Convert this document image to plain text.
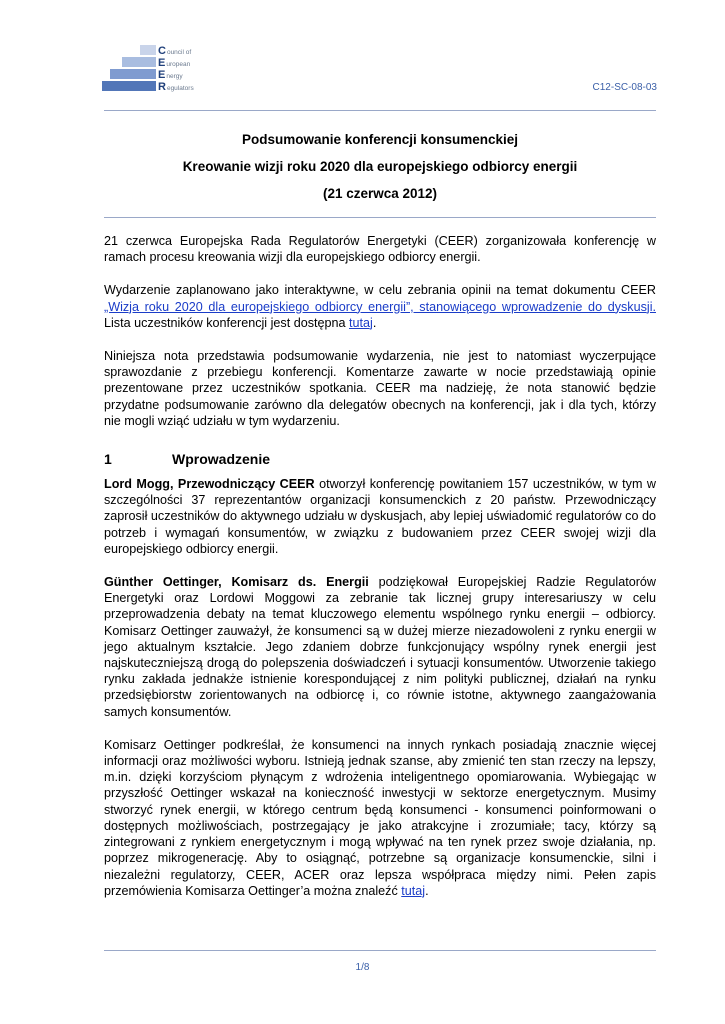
Council of
European
Energy
Regulators	C12-SC-08-03
Podsumowanie konferencji konsumenckiej
Kreowanie wizji roku 2020 dla europejskiego odbiorcy energii
(21 czerwca 2012)

21 czerwca Europejska Rada Regulatorów Energetyki (CEER) zorganizowała konferencję w ramach procesu kreowania wizji dla europejskiego odbiorcy energii.

Wydarzenie zaplanowano jako interaktywne, w celu zebrania opinii na temat dokumentu CEER „Wizja roku 2020 dla europejskiego odbiorcy energii”, stanowiącego wprowadzenie do dyskusji. Lista uczestników konferencji jest dostępna tutaj.

Niniejsza nota przedstawia podsumowanie wydarzenia, nie jest to natomiast wyczerpujące sprawozdanie z przebiegu konferencji. Komentarze zawarte w nocie przedstawiają opinie prezentowane przez uczestników spotkania. CEER ma nadzieję, że nota stanowić będzie przydatne podsumowanie zarówno dla delegatów obecnych na konferencji, jak i dla tych, którzy nie mogli wziąć udziału w tym wydarzeniu.

1	Wprowadzenie

Lord Mogg, Przewodniczący CEER otworzył konferencję powitaniem 157 uczestników, w tym w szczególności 37 reprezentantów organizacji konsumenckich z 20 państw. Przewodniczący zaprosił uczestników do aktywnego udziału w dyskusjach, aby lepiej uświadomić regulatorów co do potrzeb i wymagań konsumentów, w związku z budowaniem przez CEER swojej wizji dla europejskiego odbiorcy energii.

Günther Oettinger, Komisarz ds. Energii podziękował Europejskiej Radzie Regulatorów Energetyki oraz Lordowi Moggowi za zebranie tak licznej grupy interesariuszy w celu przeprowadzenia debaty na temat kluczowego elementu wspólnego rynku energii – odbiorcy. Komisarz Oettinger zauważył, że konsumenci są w dużej mierze niezadowoleni z rynku energii w jego aktualnym kształcie. Jego zdaniem dobrze funkcjonujący wspólny rynek energii jest najskuteczniejszą drogą do polepszenia doświadczeń i sytuacji konsumentów. Utworzenie takiego rynku zakłada jednakże istnienie korespondującej z nim polityki publicznej, działań na rynku przedsiębiorstw zorientowanych na odbiorcę i, co równie istotne, aktywnego zaangażowania samych konsumentów.

Komisarz Oettinger podkreślał, że konsumenci na innych rynkach posiadają znacznie więcej informacji oraz możliwości wyboru. Istnieją jednak szanse, aby zmienić ten stan rzeczy na lepszy, m.in. dzięki korzyściom płynącym z wdrożenia inteligentnego opomiarowania. Wybiegając w przyszłość Oettinger wskazał na konieczność inwestycji w sektorze energetycznym. Musimy stworzyć rynek energii, w którego centrum będą konsumenci - konsumenci poinformowani o dostępnych możliwościach, postrzegający je jako atrakcyjne i zrozumiałe; tacy, którzy są zintegrowani z rynkiem energetycznym i mogą wpływać na ten rynek przez swoje działania, np. poprzez mikrogenerację. Aby to osiągnąć, potrzebne są organizacje konsumenckie, silni i niezależni regulatorzy, CEER, ACER oraz lepsza współpraca między nimi. Pełen zapis przemówienia Komisarza Oettinger’a można znaleźć tutaj.

1/8
